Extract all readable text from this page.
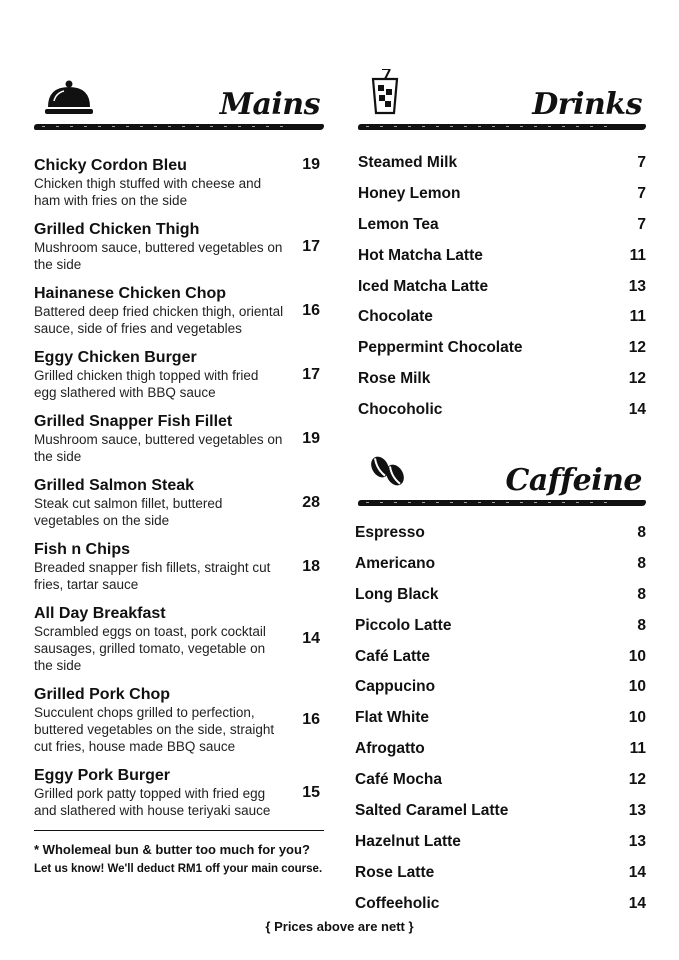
Mains
Chicky Cordon Bleu
Chicken thigh stuffed with cheese and ham with fries on the side
19
Grilled Chicken Thigh
Mushroom sauce, buttered vegetables on the side
17
Hainanese Chicken Chop
Battered deep fried chicken thigh, oriental sauce, side of fries and vegetables
16
Eggy Chicken Burger
Grilled chicken thigh topped with fried egg slathered with BBQ sauce
17
Grilled Snapper Fish Fillet
Mushroom sauce, buttered vegetables on the side
19
Grilled Salmon Steak
Steak cut salmon fillet, buttered vegetables on the side
28
Fish n Chips
Breaded snapper fish fillets, straight cut fries, tartar sauce
18
All Day Breakfast
Scrambled eggs on toast, pork cocktail sausages, grilled tomato, vegetable on the side
14
Grilled Pork Chop
Succulent chops grilled to perfection, buttered vegetables on the side, straight cut fries, house made BBQ sauce
16
Eggy Pork Burger
Grilled pork patty topped with fried egg and slathered with house teriyaki sauce
15
* Wholemeal bun & butter too much for you?
Let us know! We'll deduct RM1 off your main course.
Drinks
Steamed Milk	7
Honey Lemon	7
Lemon Tea	7
Hot Matcha Latte	11
Iced Matcha Latte	13
Chocolate	11
Peppermint Chocolate	12
Rose Milk	12
Chocoholic	14
Caffeine
Espresso	8
Americano	8
Long Black	8
Piccolo Latte	8
Café Latte	10
Cappucino	10
Flat White	10
Afrogatto	11
Café Mocha	12
Salted Caramel Latte	13
Hazelnut Latte	13
Rose Latte	14
Coffeeholic	14
{ Prices above are nett }
